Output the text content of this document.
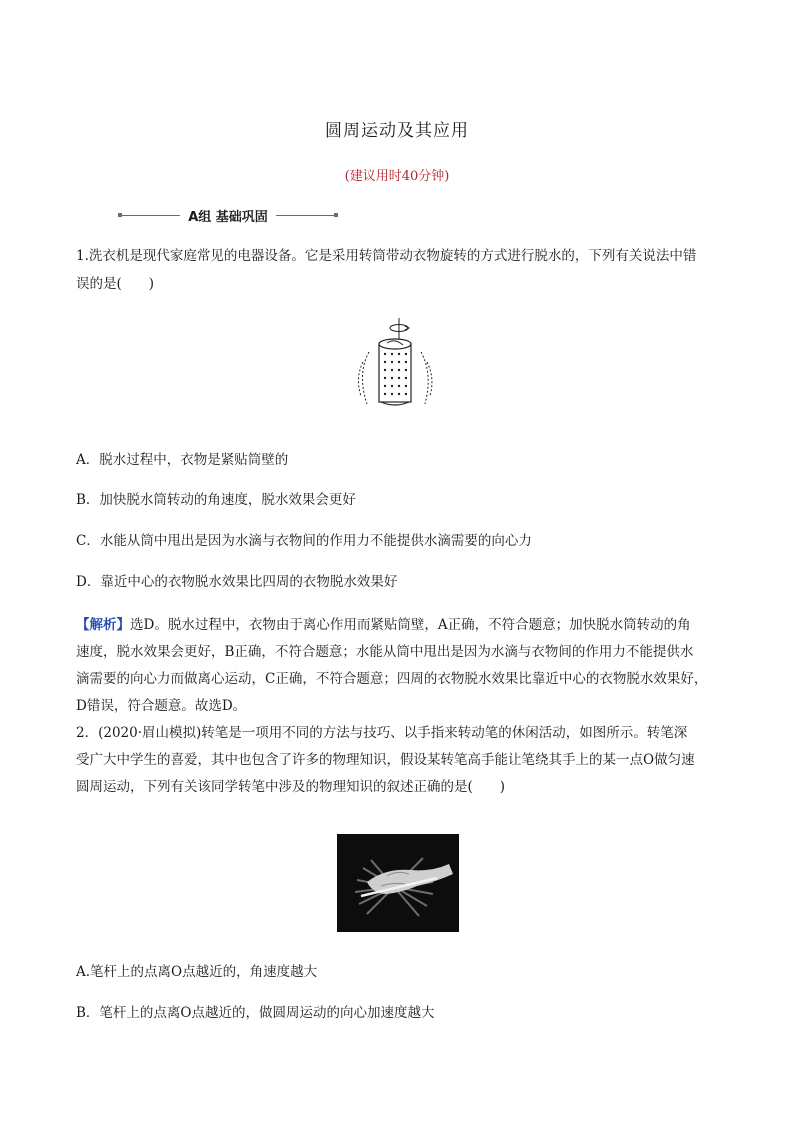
圆周运动及其应用
(建议用时40分钟)
A组 基础巩固
1.洗衣机是现代家庭常见的电器设备。它是采用转筒带动衣物旋转的方式进行脱水的，下列有关说法中错
误的是(　　)
A．脱水过程中，衣物是紧贴筒壁的
B．加快脱水筒转动的角速度，脱水效果会更好
C．水能从筒中甩出是因为水滴与衣物间的作用力不能提供水滴需要的向心力
D．靠近中心的衣物脱水效果比四周的衣物脱水效果好
【解析】选D。脱水过程中，衣物由于离心作用而紧贴筒壁，A正确，不符合题意；加快脱水筒转动的角
速度，脱水效果会更好，B正确，不符合题意；水能从筒中甩出是因为水滴与衣物间的作用力不能提供水
滴需要的向心力而做离心运动，C正确，不符合题意；四周的衣物脱水效果比靠近中心的衣物脱水效果好，
D错误，符合题意。故选D。
2．(2020·眉山模拟)转笔是一项用不同的方法与技巧、以手指来转动笔的休闲活动，如图所示。转笔深
受广大中学生的喜爱，其中也包含了许多的物理知识，假设某转笔高手能让笔绕其手上的某一点O做匀速
圆周运动，下列有关该同学转笔中涉及的物理知识的叙述正确的是(　　)
A.笔杆上的点离O点越近的，角速度越大
B．笔杆上的点离O点越近的，做圆周运动的向心加速度越大
